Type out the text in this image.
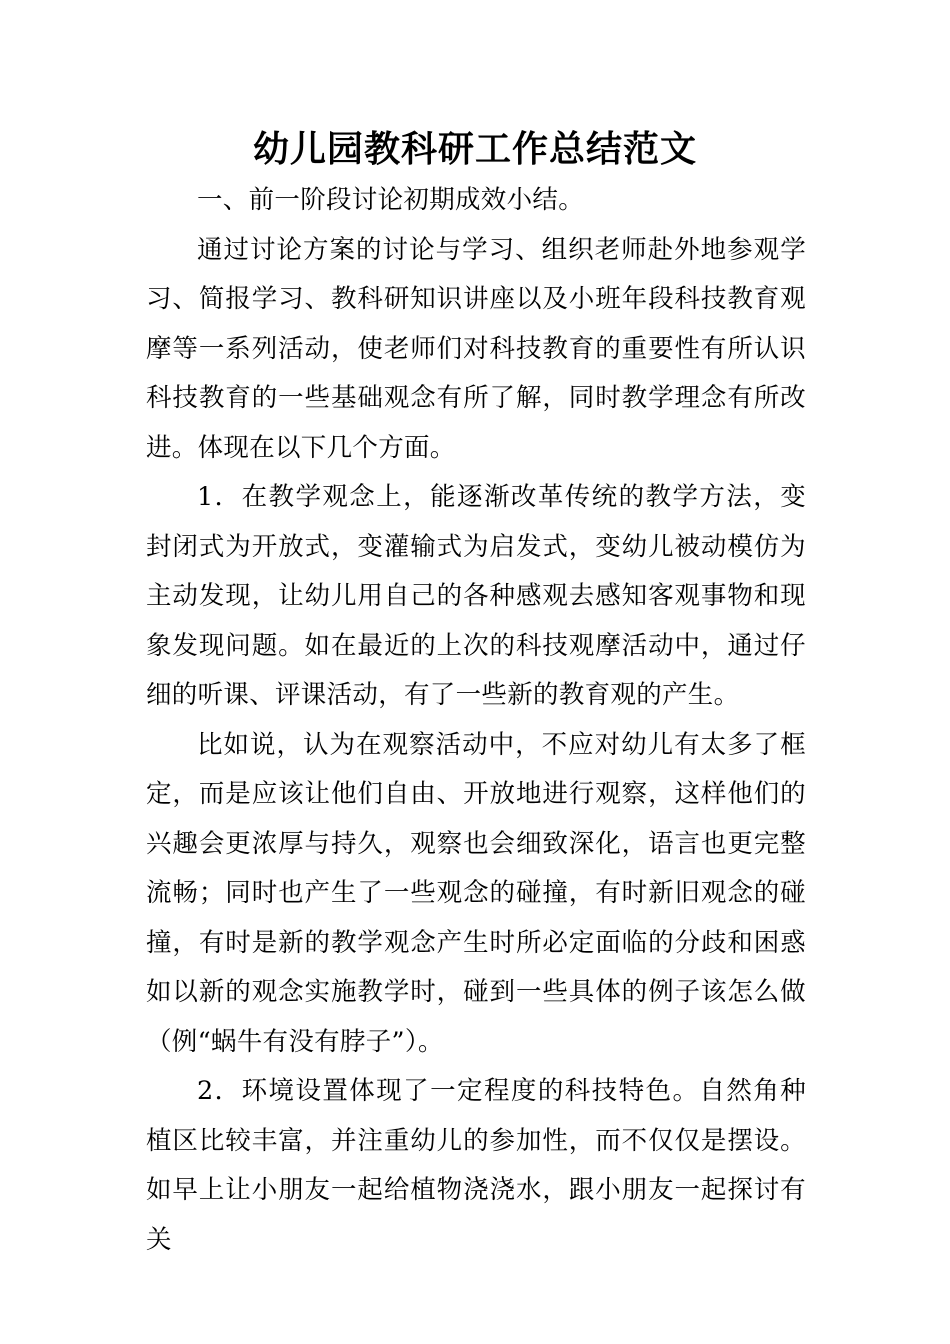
幼儿园教科研工作总结范文

一、前一阶段讨论初期成效小结。

通过讨论方案的讨论与学习、组织老师赴外地参观学习、简报学习、教科研知识讲座以及小班年段科技教育观摩等一系列活动，使老师们对科技教育的重要性有所认识科技教育的一些基础观念有所了解，同时教学理念有所改进。体现在以下几个方面。

1．在教学观念上，能逐渐改革传统的教学方法，变封闭式为开放式，变灌输式为启发式，变幼儿被动模仿为主动发现，让幼儿用自己的各种感观去感知客观事物和现象发现问题。如在最近的上次的科技观摩活动中，通过仔细的听课、评课活动，有了一些新的教育观的产生。

比如说，认为在观察活动中，不应对幼儿有太多了框定，而是应该让他们自由、开放地进行观察，这样他们的兴趣会更浓厚与持久，观察也会细致深化，语言也更完整流畅；同时也产生了一些观念的碰撞，有时新旧观念的碰撞，有时是新的教学观念产生时所必定面临的分歧和困惑如以新的观念实施教学时，碰到一些具体的例子该怎么做（例“蜗牛有没有脖子”）。

2．环境设置体现了一定程度的科技特色。自然角种植区比较丰富，并注重幼儿的参加性，而不仅仅是摆设。如早上让小朋友一起给植物浇浇水，跟小朋友一起探讨有关
